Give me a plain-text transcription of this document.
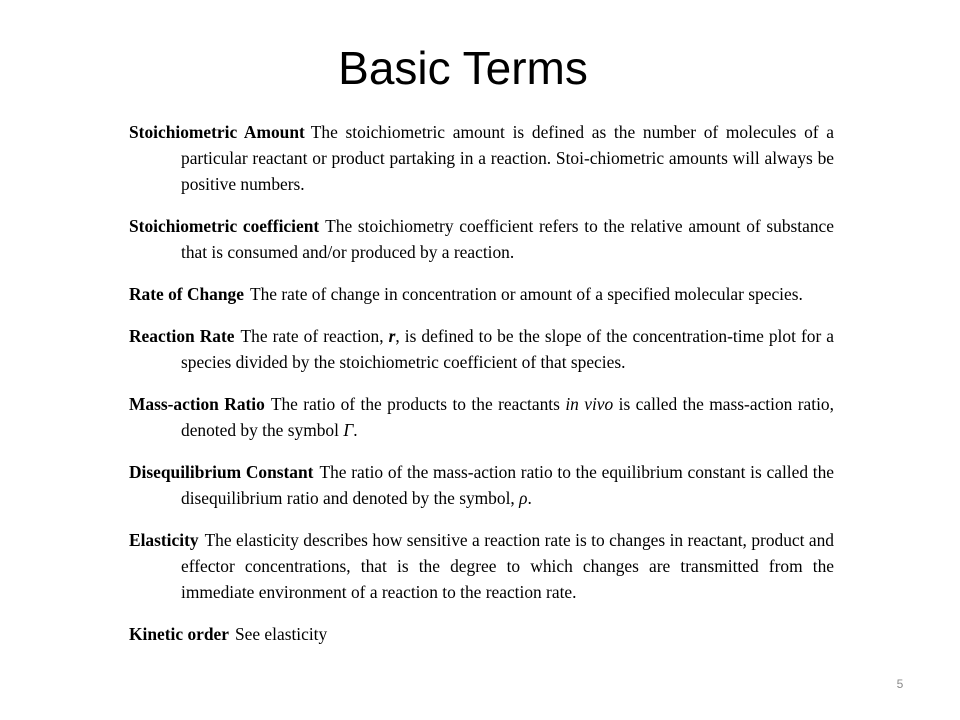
Basic Terms

Stoichiometric Amount The stoichiometric amount is defined as the number of molecules of a particular reactant or product partaking in a reaction. Stoi-chiometric amounts will always be positive numbers.

Stoichiometric coefficient The stoichiometry coefficient refers to the relative amount of substance that is consumed and/or produced by a reaction.

Rate of Change The rate of change in concentration or amount of a specified molecular species.

Reaction Rate The rate of reaction, r, is defined to be the slope of the concentration-time plot for a species divided by the stoichiometric coefficient of that species.

Mass-action Ratio The ratio of the products to the reactants in vivo is called the mass-action ratio, denoted by the symbol Γ.

Disequilibrium Constant The ratio of the mass-action ratio to the equilibrium constant is called the disequilibrium ratio and denoted by the symbol, ρ.

Elasticity The elasticity describes how sensitive a reaction rate is to changes in reactant, product and effector concentrations, that is the degree to which changes are transmitted from the immediate environment of a reaction to the reaction rate.

Kinetic order See elasticity

5
